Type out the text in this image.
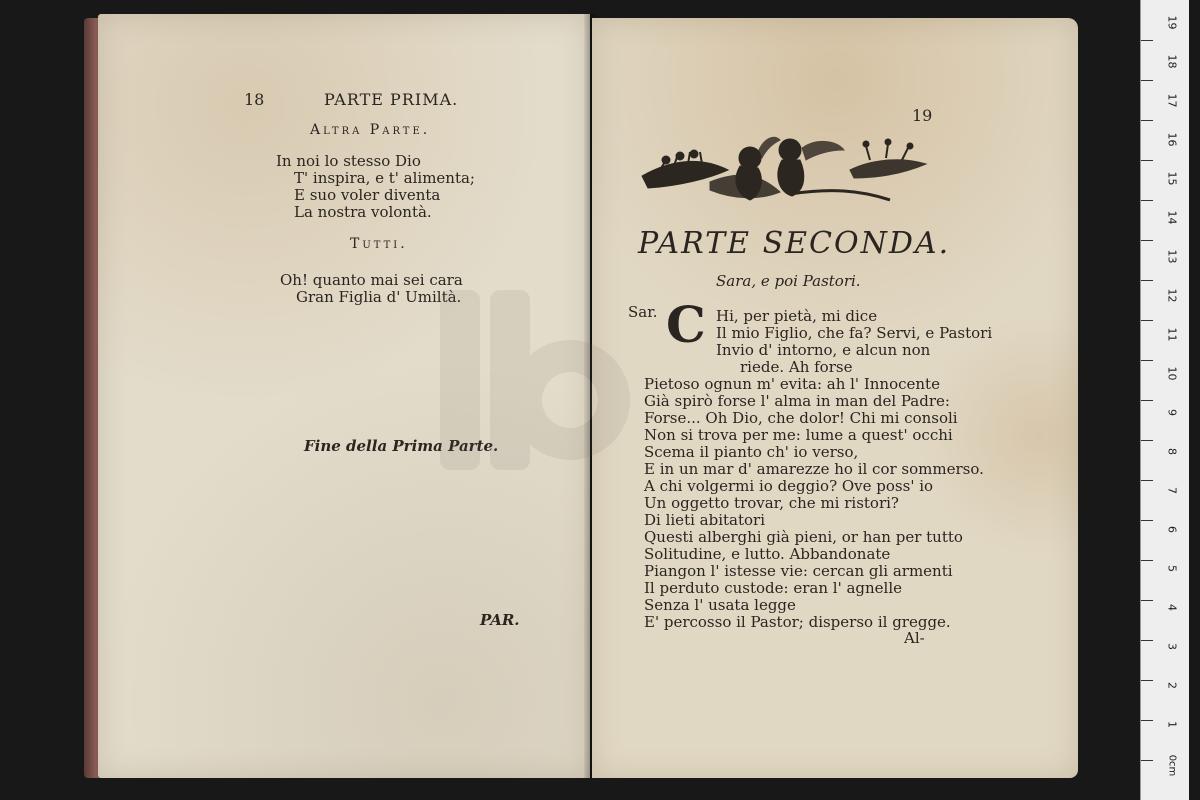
18	PARTE PRIMA.
Altra Parte.
In noi lo stesso Dio
T' inspira, e t' alimenta;
E suo voler diventa
La nostra volontà.
Tutti.
Oh! quanto mai sei cara
Gran Figlia d' Umiltà.
Fine della Prima Parte.
PAR.
19
PARTE SECONDA.
Sara, e poi Pastori.
Sar. C Hi, per pietà, mi dice
Il mio Figlio, che fa? Servi, e Pastori
Invio d' intorno, e alcun non
riede. Ah forse
Pietoso ognun m' evita: ah l' Innocente
Già spirò forse l' alma in man del Padre:
Forse... Oh Dio, che dolor! Chi mi consoli
Non si trova per me: lume a quest' occhi
Scema il pianto ch' io verso,
E in un mar d' amarezze ho il cor sommerso.
A chi volgermi io deggio? Ove poss' io
Un oggetto trovar, che mi ristori?
Di lieti abitatori
Questi alberghi già pieni, or han per tutto
Solitudine, e lutto. Abbandonate
Piangon l' istesse vie: cercan gli armenti
Il perduto custode: eran l' agnelle
Senza l' usata legge
E' percosso il Pastor; disperso il gregge.
Al-
19
18
17
16
15
14
13
12
11
10
9
8
7
6
5
4
3
2
1
0cm
